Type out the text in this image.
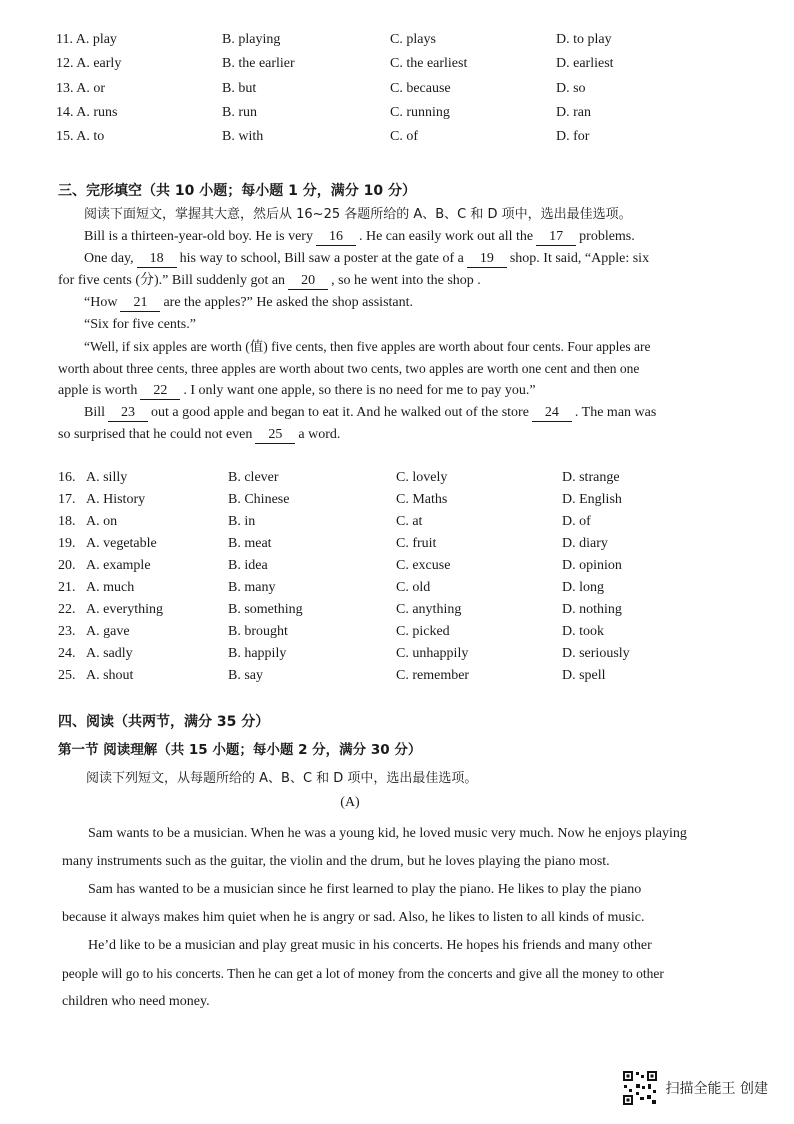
11. A. play	B. playing	C. plays	D. to play
12. A. early	B. the earlier	C. the earliest	D. earliest
13. A. or	B. but	C. because	D. so
14. A. runs	B. run	C. running	D. ran
15. A. to	B. with	C. of	D. for
三、完形填空（共 10 小题；每小题 1 分，满分 10 分）
阅读下面短文，掌握其大意，然后从 16~25 各题所给的 A、B、C 和 D 项中，选出最佳选项。
Bill is a thirteen-year-old boy. He is very 16 . He can easily work out all the 17 problems.
One day, 18 his way to school, Bill saw a poster at the gate of a 19 shop. It said, “Apple: six
for five cents (分).” Bill suddenly got an 20 , so he went into the shop .
“How 21 are the apples?” He asked the shop assistant.
“Six for five cents.”
“Well, if six apples are worth (值) five cents, then five apples are worth about four cents. Four apples are
worth about three cents, three apples are worth about two cents, two apples are worth one cent and then one
apple is worth 22 . I only want one apple, so there is no need for me to pay you.”
Bill 23 out a good apple and began to eat it. And he walked out of the store 24 . The man was
so surprised that he could not even 25 a word.
16. A. silly	B. clever	C. lovely	D. strange
17. A. History	B. Chinese	C. Maths	D. English
18. A. on	B. in	C. at	D. of
19. A. vegetable	B. meat	C. fruit	D. diary
20. A. example	B. idea	C. excuse	D. opinion
21. A. much	B. many	C. old	D. long
22. A. everything	B. something	C. anything	D. nothing
23. A. gave	B. brought	C. picked	D. took
24. A. sadly	B. happily	C. unhappily	D. seriously
25. A. shout	B. say	C. remember	D. spell
四、阅读（共两节，满分 35 分）
第一节 阅读理解（共 15 小题；每小题 2 分，满分 30 分）
阅读下列短文，从每题所给的 A、B、C 和 D 项中，选出最佳选项。
(A)
Sam wants to be a musician. When he was a young kid, he loved music very much. Now he enjoys playing
many instruments such as the guitar, the violin and the drum, but he loves playing the piano most.
Sam has wanted to be a musician since he first learned to play the piano. He likes to play the piano
because it always makes him quiet when he is angry or sad. Also, he likes to listen to all kinds of music.
He’d like to be a musician and play great music in his concerts. He hopes his friends and many other
people will go to his concerts. Then he can get a lot of money from the concerts and give all the money to other
children who need money.
扫描全能王 创建
